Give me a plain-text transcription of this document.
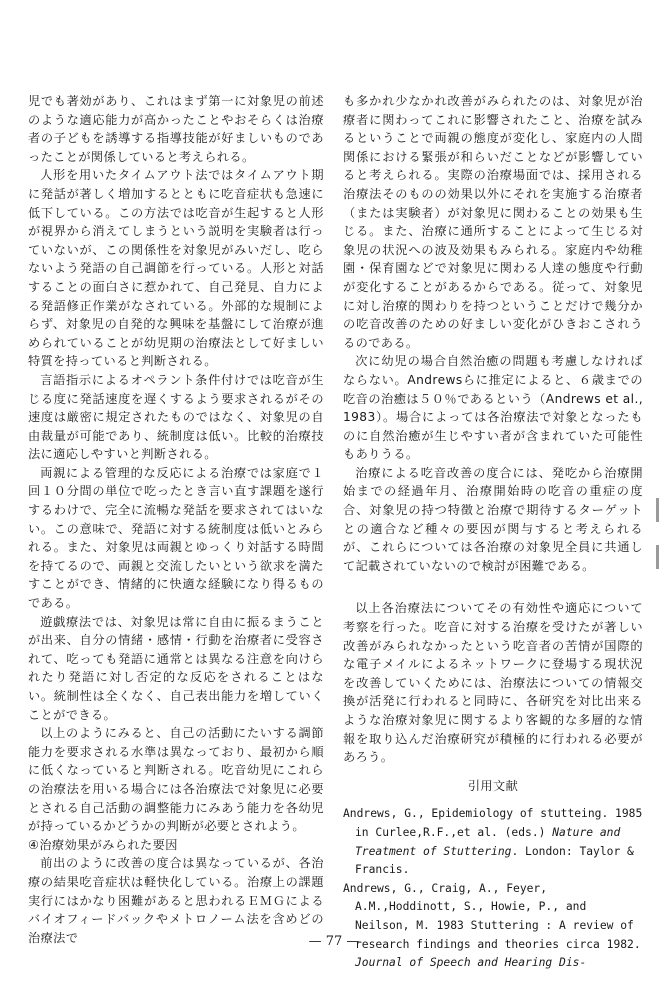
児でも著効があり、これはまず第一に対象児の前述のような適応能力が高かったことやおそらくは治療者の子どもを誘導する指導技能が好ましいものであったことが関係していると考えられる。

人形を用いたタイムアウト法ではタイムアウト期に発話が著しく増加するとともに吃音症状も急速に低下している。この方法では吃音が生起すると人形が視界から消えてしまうという説明を実験者は行っていないが、この関係性を対象児がみいだし、吃らないよう発語の自己調節を行っている。人形と対話することの面白さに惹かれて、自己発見、自力による発語修正作業がなされている。外部的な規制によらず、対象児の自発的な興味を基盤にして治療が進められていることが幼児期の治療法として好ましい特質を持っていると判断される。

言語指示によるオペラント条件付けでは吃音が生じる度に発話速度を遅くするよう要求されるがその速度は厳密に規定されたものではなく、対象児の自由裁量が可能であり、統制度は低い。比較的治療技法に適応しやすいと判断される。

両親による管理的な反応による治療では家庭で１回１０分間の単位で吃ったとき言い直す課題を遂行するわけで、完全に流暢な発話を要求されてはいない。この意味で、発語に対する統制度は低いとみられる。また、対象児は両親とゆっくり対話する時間を持てるので、両親と交流したいという欲求を満たすことができ、情緒的に快適な経験になり得るものである。

遊戯療法では、対象児は常に自由に振るまうことが出来、自分の情緒・感情・行動を治療者に受容されて、吃っても発語に通常とは異なる注意を向けられたり発語に対し否定的な反応をされることはない。統制性は全くなく、自己表出能力を増していくことができる。

以上のようにみると、自己の活動にたいする調節能力を要求される水準は異なっており、最初から順に低くなっていると判断される。吃音幼児にこれらの治療法を用いる場合には各治療法で対象児に必要とされる自己活動の調整能力にみあう能力を各幼児が持っているかどうかの判断が必要とされよう。

④治療効果がみられた要因

前出のように改善の度合は異なっているが、各治療の結果吃音症状は軽快化している。治療上の課題実行にはかなり困難があると思われるＥＭＧによるバイオフィードバックやメトロノーム法を含めどの治療法で

も多かれ少なかれ改善がみられたのは、対象児が治療者に関わってこれに影響されたこと、治療を試みるということで両親の態度が変化し、家庭内の人間関係における緊張が和らいだことなどが影響していると考えられる。実際の治療場面では、採用される治療法そのものの効果以外にそれを実施する治療者（または実験者）が対象児に関わることの効果も生じる。また、治療に通所することによって生じる対象児の状況への波及効果もみられる。家庭内や幼稚園・保育園などで対象児に関わる人達の態度や行動が変化することがあるからである。従って、対象児に対し治療的関わりを持つということだけで幾分かの吃音改善のための好ましい変化がひきおこされうるのである。

次に幼児の場合自然治癒の問題も考慮しなければならない。Andrewsらに推定によると、６歳までの吃音の治癒は５０％であるという（Andrews et al., 1983）。場合によっては各治療法で対象となったものに自然治癒が生じやすい者が含まれていた可能性もありうる。

治療による吃音改善の度合には、発吃から治療開始までの経過年月、治療開始時の吃音の重症の度合、対象児の持つ特徴と治療で期待するターゲットとの適合など種々の要因が関与すると考えられるが、これらについては各治療の対象児全員に共通して記載されていないので検討が困難である。

以上各治療法についてその有効性や適応について考察を行った。吃音に対する治療を受けたが著しい改善がみられなかったという吃音者の苦情が国際的な電子メイルによるネットワークに登場する現状況を改善していくためには、治療法についての情報交換が活発に行われると同時に、各研究を対比出来るような治療対象児に関するより客観的な多層的な情報を取り込んだ治療研究が積極的に行われる必要があろう。

引用文献

Andrews, G., Epidemiology of stutteing. 1985 in Curlee,R.F.,et al. (eds.) Nature and Treatment of Stuttering. London: Taylor & Francis.

Andrews, G., Craig, A., Feyer, A.M.,Hoddinott, S., Howie, P., and Neilson, M. 1983 Stuttering : A review of research findings and theories circa 1982. Journal of Speech and Hearing Dis-

— 77 —
